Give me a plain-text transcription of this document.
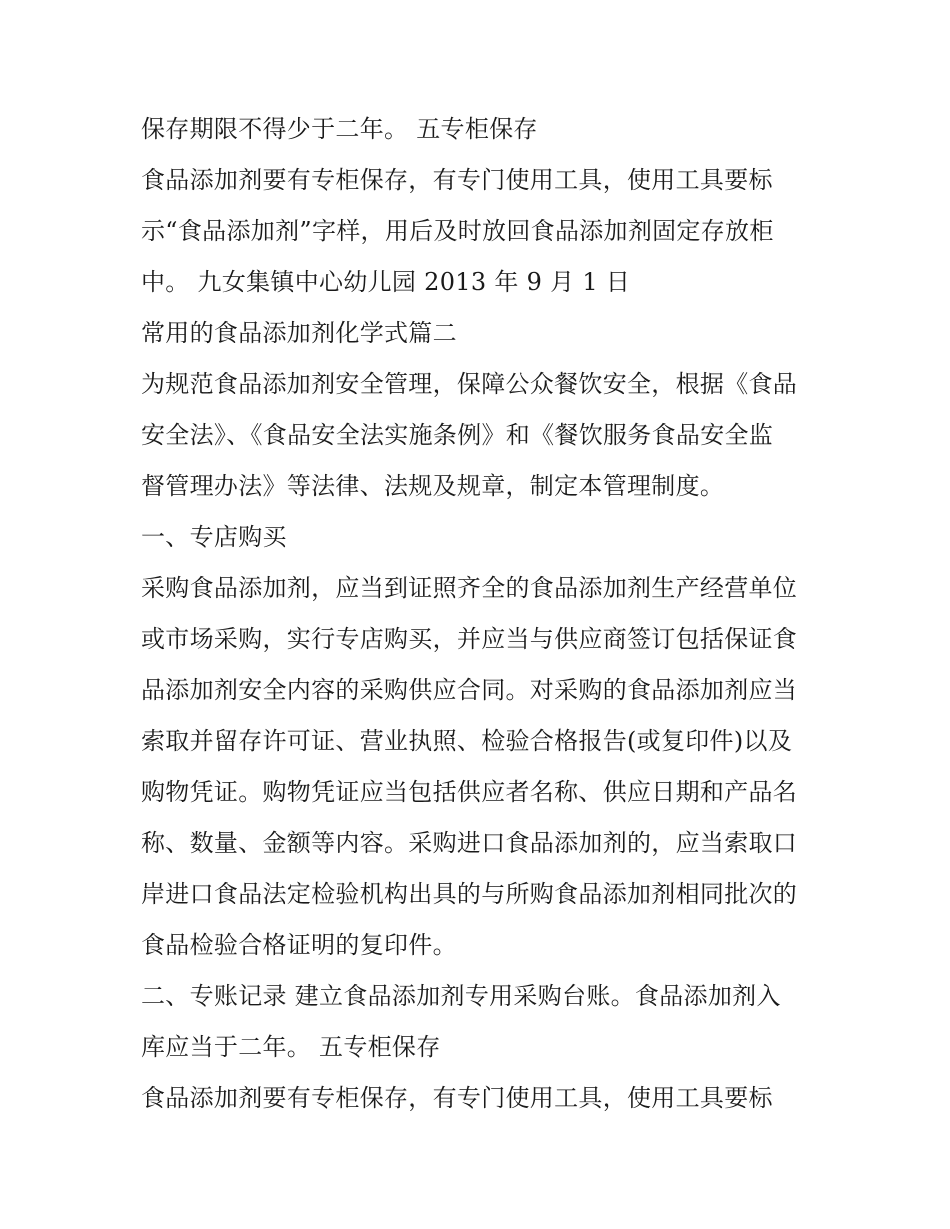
保存期限不得少于二年。 五专柜保存
食品添加剂要有专柜保存，有专门使用工具，使用工具要标
示“食品添加剂”字样，用后及时放回食品添加剂固定存放柜
中。 九女集镇中心幼儿园 2013 年 9 月 1 日
常用的食品添加剂化学式篇二
为规范食品添加剂安全管理，保障公众餐饮安全，根据《食品
安全法》、《食品安全法实施条例》和《餐饮服务食品安全监
督管理办法》等法律、法规及规章，制定本管理制度。
一、专店购买
采购食品添加剂，应当到证照齐全的食品添加剂生产经营单位
或市场采购，实行专店购买，并应当与供应商签订包括保证食
品添加剂安全内容的采购供应合同。对采购的食品添加剂应当
索取并留存许可证、营业执照、检验合格报告(或复印件)以及
购物凭证。购物凭证应当包括供应者名称、供应日期和产品名
称、数量、金额等内容。采购进口食品添加剂的，应当索取口
岸进口食品法定检验机构出具的与所购食品添加剂相同批次的
食品检验合格证明的复印件。
二、专账记录 建立食品添加剂专用采购台账。食品添加剂入
库应当于二年。 五专柜保存
食品添加剂要有专柜保存，有专门使用工具，使用工具要标
